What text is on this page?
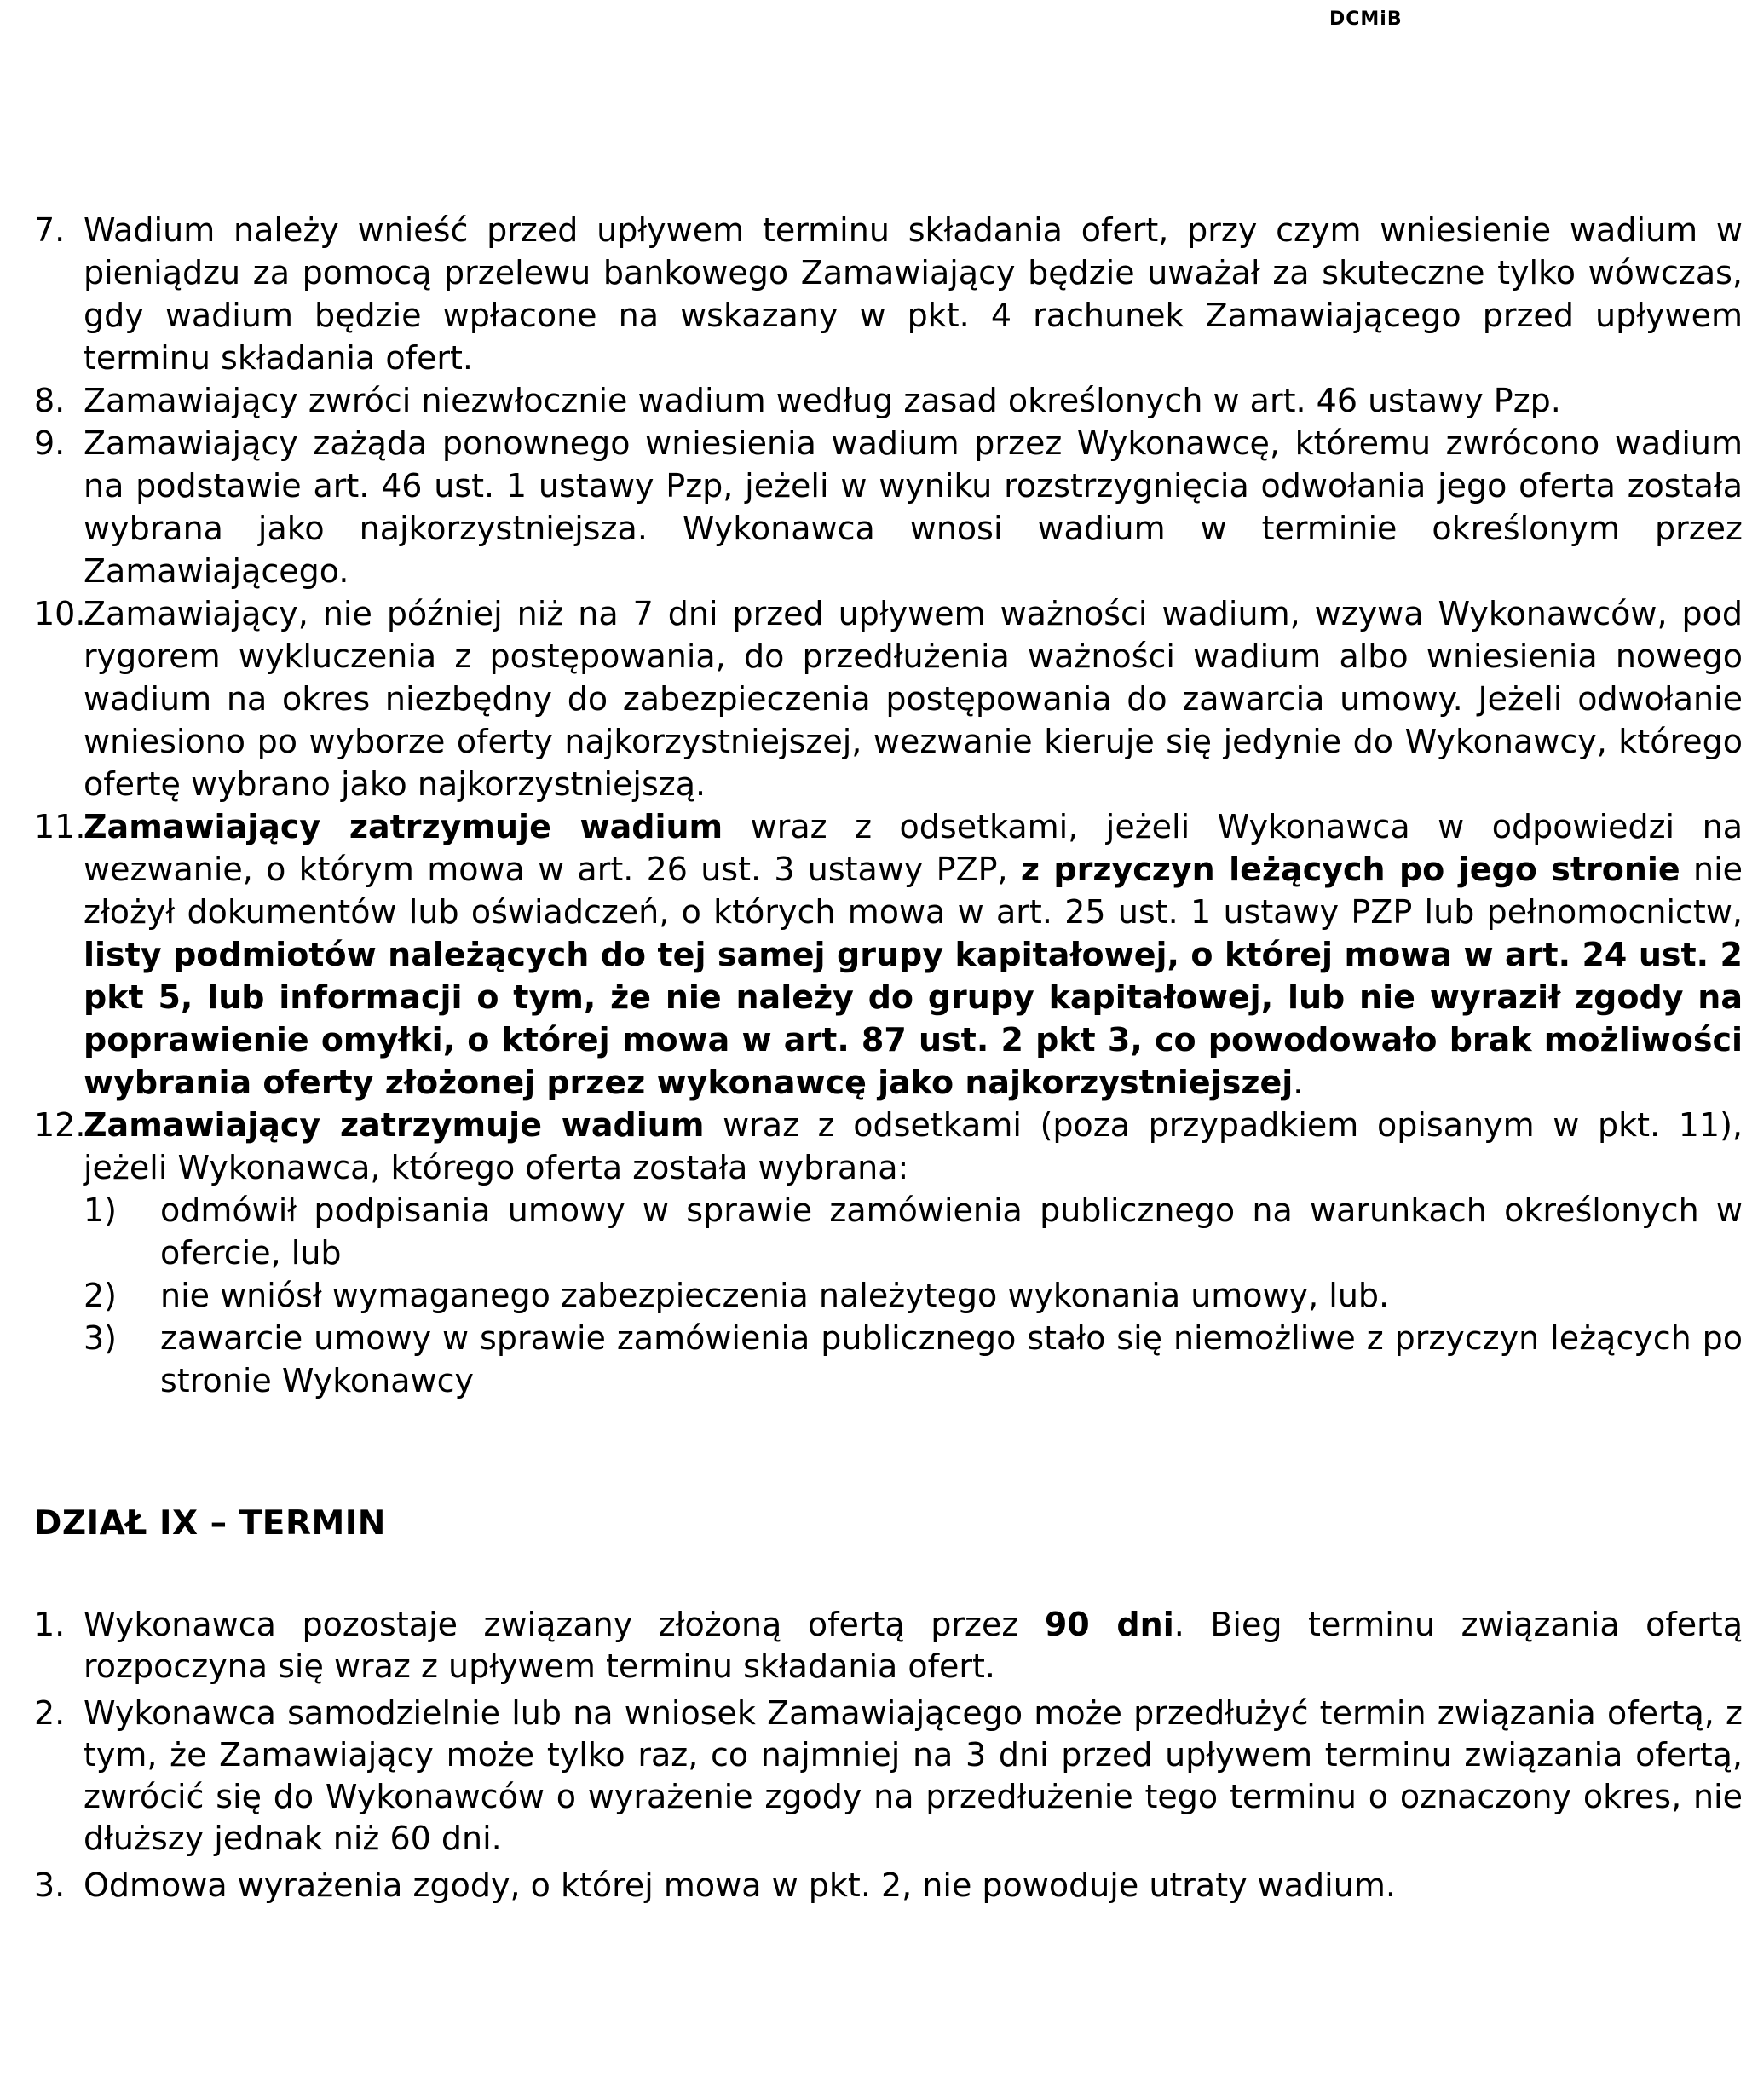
DCMiB
7. Wadium należy wnieść przed upływem terminu składania ofert, przy czym wniesienie wadium w pieniądzu za pomocą przelewu bankowego Zamawiający będzie uważał za skuteczne tylko wówczas, gdy wadium będzie wpłacone na wskazany w pkt. 4 rachunek Zamawiającego przed upływem terminu składania ofert.
8. Zamawiający zwróci niezwłocznie wadium według zasad określonych w art. 46 ustawy Pzp.
9. Zamawiający zażąda ponownego wniesienia wadium przez Wykonawcę, któremu zwrócono wadium na podstawie art. 46 ust. 1 ustawy Pzp, jeżeli w wyniku rozstrzygnięcia odwołania jego oferta została wybrana jako najkorzystniejsza. Wykonawca wnosi wadium w terminie określonym przez Zamawiającego.
10.
Zamawiający, nie później niż na 7 dni przed upływem ważności wadium, wzywa Wykonawców, pod rygorem wykluczenia z postępowania, do przedłużenia ważności wadium albo wniesienia nowego wadium na okres niezbędny do zabezpieczenia postępowania do zawarcia umowy. Jeżeli odwołanie wniesiono po wyborze oferty najkorzystniejszej, wezwanie kieruje się jedynie do Wykonawcy, którego ofertę wybrano jako najkorzystniejszą.
11.
Zamawiający zatrzymuje wadium wraz z odsetkami, jeżeli Wykonawca w odpowiedzi na wezwanie, o którym mowa w art. 26 ust. 3 ustawy PZP, z przyczyn leżących po jego stronie nie złożył dokumentów lub oświadczeń, o których mowa w art. 25 ust. 1 ustawy PZP lub pełnomocnictw, listy podmiotów należących do tej samej grupy kapitałowej, o której mowa w art. 24 ust. 2 pkt 5, lub informacji o tym, że nie należy do grupy kapitałowej, lub nie wyraził zgody na poprawienie omyłki, o której mowa w art. 87 ust. 2 pkt 3, co powodowało brak możliwości wybrania oferty złożonej przez wykonawcę jako najkorzystniejszej.
12.
Zamawiający zatrzymuje wadium wraz z odsetkami (poza przypadkiem opisanym w pkt. 11), jeżeli Wykonawca, którego oferta została wybrana:
1) odmówił podpisania umowy w sprawie zamówienia publicznego na warunkach określonych w ofercie, lub
2) nie wniósł wymaganego zabezpieczenia należytego wykonania umowy, lub.
3) zawarcie umowy w sprawie zamówienia publicznego stało się niemożliwe z przyczyn leżących po stronie Wykonawcy
DZIAŁ IX – TERMIN
1. Wykonawca pozostaje związany złożoną ofertą przez 90 dni. Bieg terminu związania ofertą rozpoczyna się wraz z upływem terminu składania ofert.
2. Wykonawca samodzielnie lub na wniosek Zamawiającego może przedłużyć termin związania ofertą, z tym, że Zamawiający może tylko raz, co najmniej na 3 dni przed upływem terminu związania ofertą, zwrócić się do Wykonawców o wyrażenie zgody na przedłużenie tego terminu o oznaczony okres, nie dłuższy jednak niż 60 dni.
3. Odmowa wyrażenia zgody, o której mowa w pkt. 2, nie powoduje utraty wadium.
